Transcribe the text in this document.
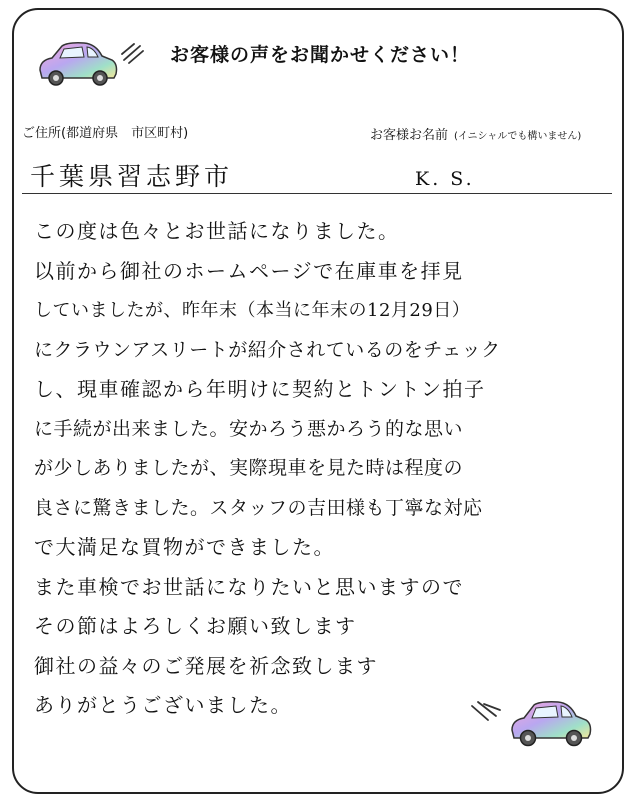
お客様の声をお聞かせください！
ご住所(都道府県　市区町村)	お客様お名前 (イニシャルでも構いません)
千葉県習志野市	K. S.
この度は色々とお世話になりました。
以前から御社のホームページで在庫車を拝見
していましたが、昨年末（本当に年末の12月29日）
にクラウンアスリートが紹介されているのをチェック
し、現車確認から年明けに契約とトントン拍子
に手続が出来ました。安かろう悪かろう的な思い
が少しありましたが、実際現車を見た時は程度の
良さに驚きました。スタッフの吉田様も丁寧な対応
で大満足な買物ができました。
また車検でお世話になりたいと思いますので
その節はよろしくお願い致します
御社の益々のご発展を祈念致します
ありがとうございました。
